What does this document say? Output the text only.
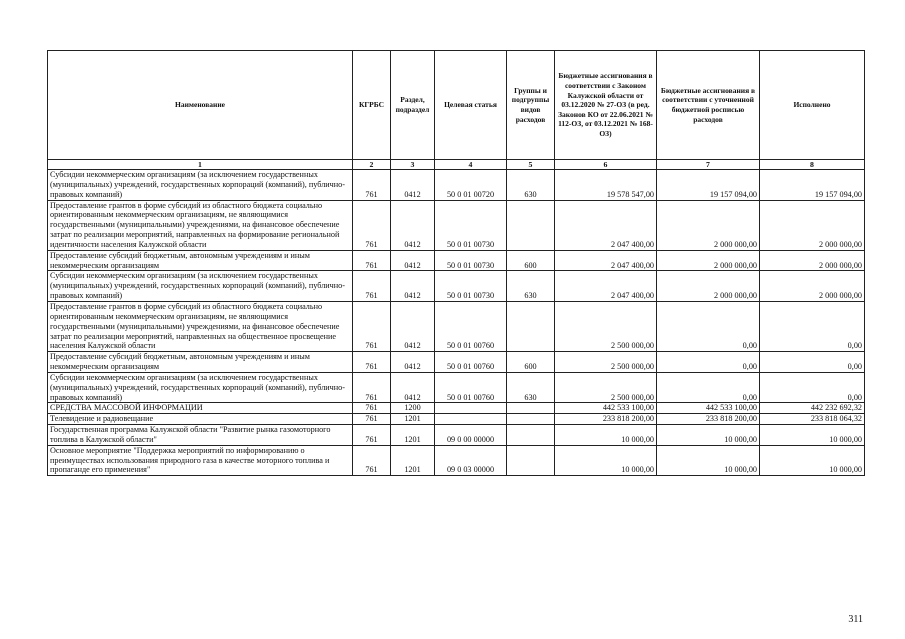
Наименование	КГРБС	Раздел, подраздел	Целевая статья	Группы и подгруппы видов расходов	Бюджетные ассигнования в соответствии с Законом Калужской области от 03.12.2020 № 27-ОЗ (в ред. Законов КО от 22.06.2021 № 112-ОЗ, от 03.12.2021 № 168-ОЗ)	Бюджетные ассигнования в соответствии с уточненной бюджетной росписью расходов	Исполнено
1	2	3	4	5	6	7	8
Субсидии некоммерческим организациям (за исключением государственных (муниципальных) учреждений, государственных корпораций (компаний), публично-правовых компаний)	761	0412	50 0 01 00720	630	19 578 547,00	19 157 094,00	19 157 094,00
Предоставление грантов в форме субсидий из областного бюджета социально ориентированным некоммерческим организациям, не являющимися государственными (муниципальными) учреждениями, на финансовое обеспечение затрат по реализации мероприятий, направленных на формирование региональной идентичности населения Калужской области	761	0412	50 0 01 00730		2 047 400,00	2 000 000,00	2 000 000,00
Предоставление субсидий бюджетным, автономным учреждениям и иным некоммерческим организациям	761	0412	50 0 01 00730	600	2 047 400,00	2 000 000,00	2 000 000,00
Субсидии некоммерческим организациям (за исключением государственных (муниципальных) учреждений, государственных корпораций (компаний), публично-правовых компаний)	761	0412	50 0 01 00730	630	2 047 400,00	2 000 000,00	2 000 000,00
Предоставление грантов в форме субсидий из областного бюджета социально ориентированным некоммерческим организациям, не являющимися государственными (муниципальными) учреждениями, на финансовое обеспечение затрат по реализации мероприятий, направленных на общественное просвещение населения Калужской области	761	0412	50 0 01 00760		2 500 000,00	0,00	0,00
Предоставление субсидий бюджетным, автономным учреждениям и иным некоммерческим организациям	761	0412	50 0 01 00760	600	2 500 000,00	0,00	0,00
Субсидии некоммерческим организациям (за исключением государственных (муниципальных) учреждений, государственных корпораций (компаний), публично-правовых компаний)	761	0412	50 0 01 00760	630	2 500 000,00	0,00	0,00
СРЕДСТВА МАССОВОЙ ИНФОРМАЦИИ	761	1200			442 533 100,00	442 533 100,00	442 232 692,32
Телевидение и радиовещание	761	1201			233 818 200,00	233 818 200,00	233 818 064,32
Государственная программа Калужской области "Развитие рынка газомоторного топлива в Калужской области"	761	1201	09 0 00 00000		10 000,00	10 000,00	10 000,00
Основное мероприятие "Поддержка мероприятий по информированию о преимуществах использования природного газа в качестве моторного топлива и пропаганде его применения"	761	1201	09 0 03 00000		10 000,00	10 000,00	10 000,00
311
